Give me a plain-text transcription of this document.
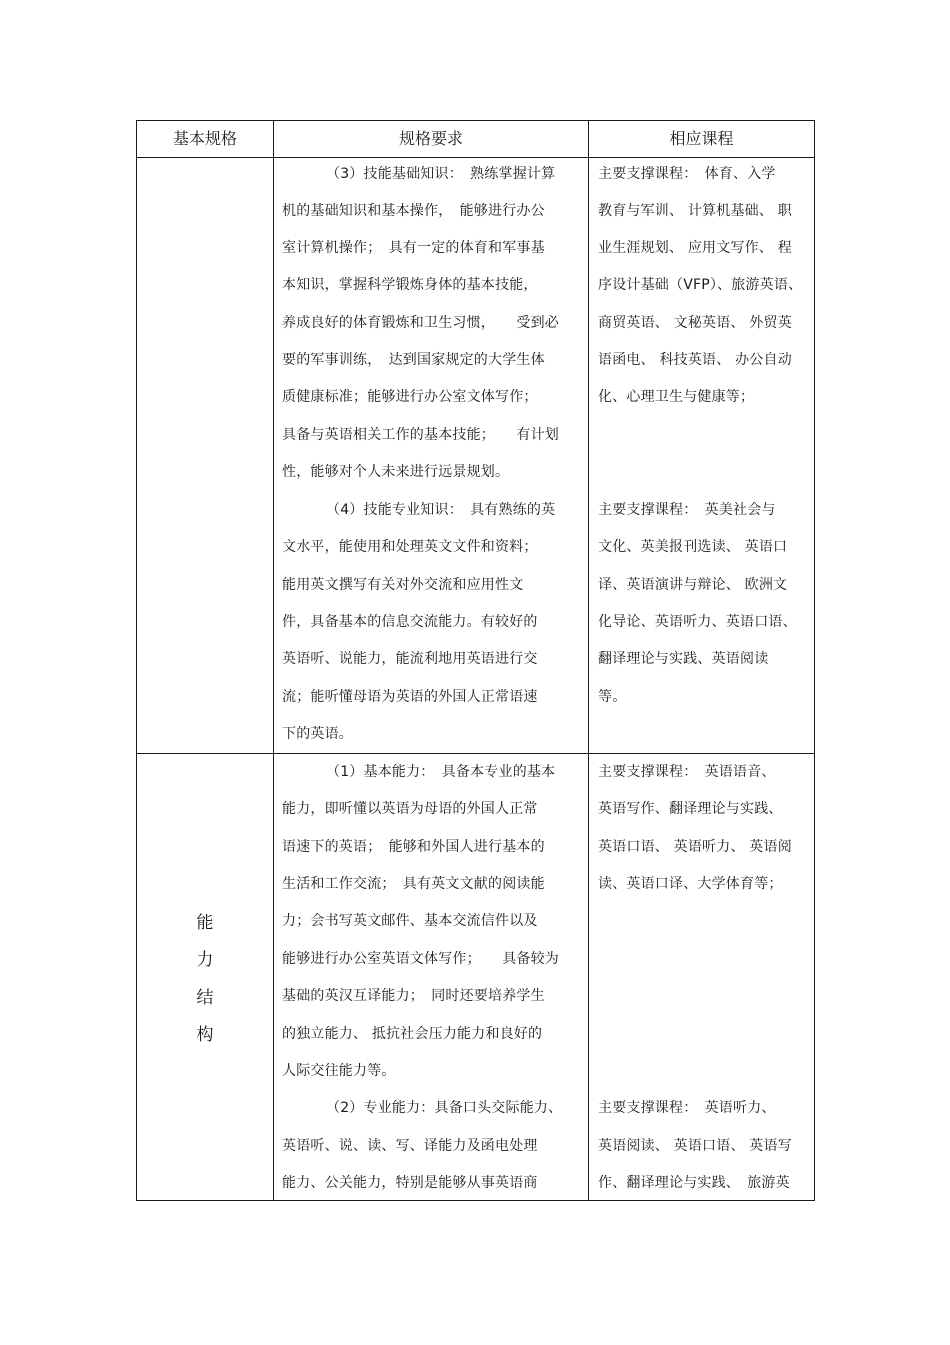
基本规格	规格要求	相应课程
（3）技能基础知识：　熟练掌握计算
机的基础知识和基本操作，　能够进行办公
室计算机操作；　具有一定的体育和军事基
本知识，掌握科学锻炼身体的基本技能，
养成良好的体育锻炼和卫生习惯，　　受到必
要的军事训练，　达到国家规定的大学生体
质健康标准；能够进行办公室文体写作；
具备与英语相关工作的基本技能；　　有计划
性，能够对个人未来进行远景规划。
（4）技能专业知识：　具有熟练的英
文水平，能使用和处理英文文件和资料；
能用英文撰写有关对外交流和应用性文
件，具备基本的信息交流能力。有较好的
英语听、说能力，能流利地用英语进行交
流；能听懂母语为英语的外国人正常语速
下的英语。
主要支撑课程：　体育、入学
教育与军训、 计算机基础、 职
业生涯规划、 应用文写作、 程
序设计基础（VFP）、旅游英语、
商贸英语、 文秘英语、 外贸英
语函电、 科技英语、 办公自动
化、心理卫生与健康等；
主要支撑课程：　英美社会与
文化、英美报刊选读、 英语口
译、英语演讲与辩论、 欧洲文
化导论、英语听力、英语口语、
翻译理论与实践、英语阅读
等。
能
力
结
构
（1）基本能力：　具备本专业的基本
能力，即听懂以英语为母语的外国人正常
语速下的英语；　能够和外国人进行基本的
生活和工作交流；　具有英文文献的阅读能
力；会书写英文邮件、基本交流信件以及
能够进行办公室英语文体写作；　　具备较为
基础的英汉互译能力；　同时还要培养学生
的独立能力、 抵抗社会压力能力和良好的
人际交往能力等。
（2）专业能力：具备口头交际能力、
英语听、说、读、写、译能力及函电处理
能力、公关能力，特别是能够从事英语商
主要支撑课程：　英语语音、
英语写作、翻译理论与实践、
英语口语、 英语听力、 英语阅
读、英语口译、大学体育等；
主要支撑课程：　英语听力、
英语阅读、 英语口语、 英语写
作、翻译理论与实践、　旅游英
